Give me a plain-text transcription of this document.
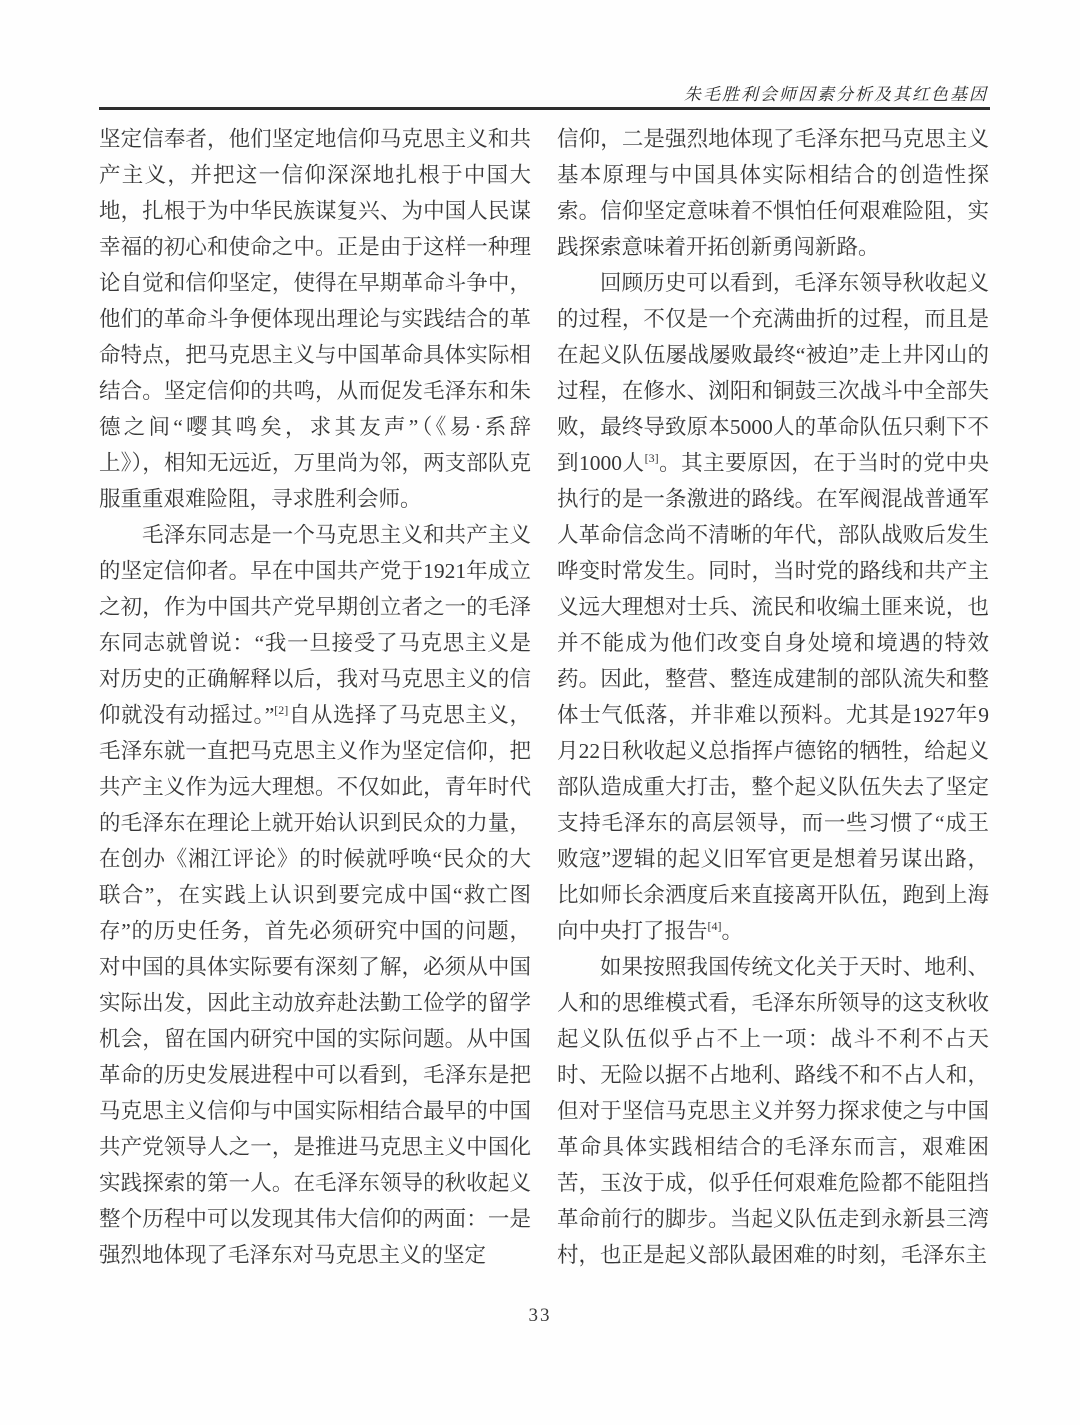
朱毛胜利会师因素分析及其红色基因

坚定信奉者，他们坚定地信仰马克思主义和共产主义，并把这一信仰深深地扎根于中国大地，扎根于为中华民族谋复兴、为中国人民谋幸福的初心和使命之中。正是由于这样一种理论自觉和信仰坚定，使得在早期革命斗争中，他们的革命斗争便体现出理论与实践结合的革命特点，把马克思主义与中国革命具体实际相结合。坚定信仰的共鸣，从而促发毛泽东和朱德之间“嘤其鸣矣，求其友声”（《易·系辞上》），相知无远近，万里尚为邻，两支部队克服重重艰难险阻，寻求胜利会师。

毛泽东同志是一个马克思主义和共产主义的坚定信仰者。早在中国共产党于1921年成立之初，作为中国共产党早期创立者之一的毛泽东同志就曾说：“我一旦接受了马克思主义是对历史的正确解释以后，我对马克思主义的信仰就没有动摇过。”[2]自从选择了马克思主义，毛泽东就一直把马克思主义作为坚定信仰，把共产主义作为远大理想。不仅如此，青年时代的毛泽东在理论上就开始认识到民众的力量，在创办《湘江评论》的时候就呼唤“民众的大联合”，在实践上认识到要完成中国“救亡图存”的历史任务，首先必须研究中国的问题，对中国的具体实际要有深刻了解，必须从中国实际出发，因此主动放弃赴法勤工俭学的留学机会，留在国内研究中国的实际问题。从中国革命的历史发展进程中可以看到，毛泽东是把马克思主义信仰与中国实际相结合最早的中国共产党领导人之一，是推进马克思主义中国化实践探索的第一人。在毛泽东领导的秋收起义整个历程中可以发现其伟大信仰的两面：一是强烈地体现了毛泽东对马克思主义的坚定

信仰，二是强烈地体现了毛泽东把马克思主义基本原理与中国具体实际相结合的创造性探索。信仰坚定意味着不惧怕任何艰难险阻，实践探索意味着开拓创新勇闯新路。

回顾历史可以看到，毛泽东领导秋收起义的过程，不仅是一个充满曲折的过程，而且是在起义队伍屡战屡败最终“被迫”走上井冈山的过程，在修水、浏阳和铜鼓三次战斗中全部失败，最终导致原本5000人的革命队伍只剩下不到1000人[3]。其主要原因，在于当时的党中央执行的是一条激进的路线。在军阀混战普通军人革命信念尚不清晰的年代，部队战败后发生哗变时常发生。同时，当时党的路线和共产主义远大理想对士兵、流民和收编土匪来说，也并不能成为他们改变自身处境和境遇的特效药。因此，整营、整连成建制的部队流失和整体士气低落，并非难以预料。尤其是1927年9月22日秋收起义总指挥卢德铭的牺牲，给起义部队造成重大打击，整个起义队伍失去了坚定支持毛泽东的高层领导，而一些习惯了“成王败寇”逻辑的起义旧军官更是想着另谋出路，比如师长余洒度后来直接离开队伍，跑到上海向中央打了报告[4]。

如果按照我国传统文化关于天时、地利、人和的思维模式看，毛泽东所领导的这支秋收起义队伍似乎占不上一项：战斗不利不占天时、无险以据不占地利、路线不和不占人和，但对于坚信马克思主义并努力探求使之与中国革命具体实践相结合的毛泽东而言，艰难困苦，玉汝于成，似乎任何艰难危险都不能阻挡革命前行的脚步。当起义队伍走到永新县三湾村，也正是起义部队最困难的时刻，毛泽东主

33
